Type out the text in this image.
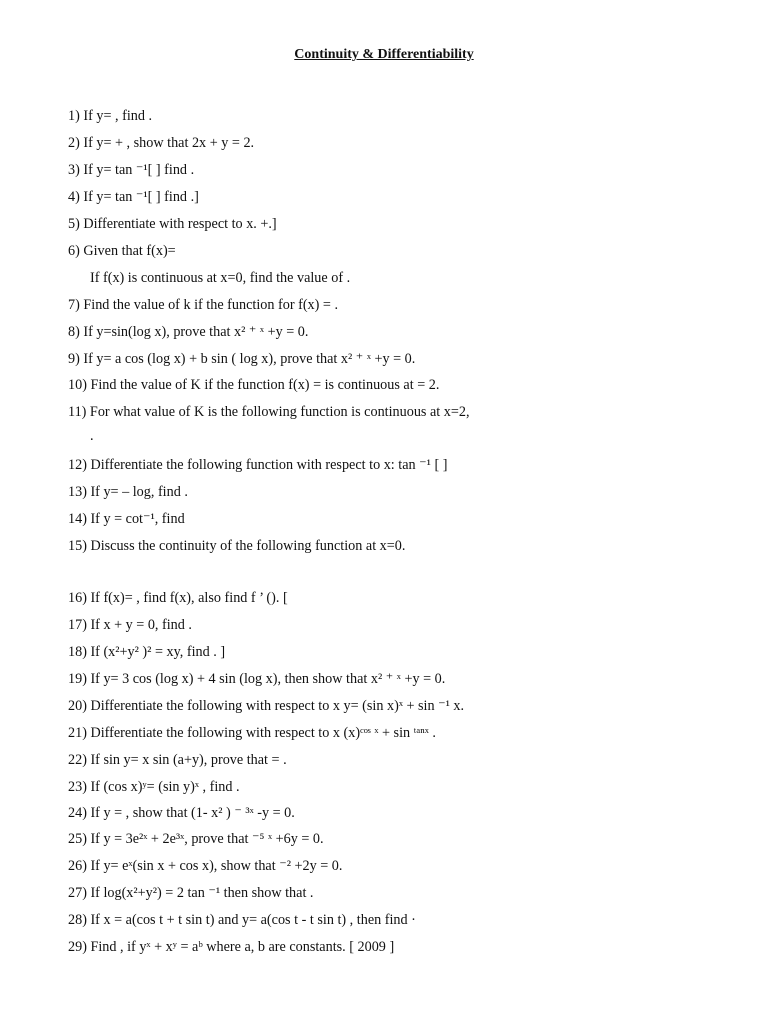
Continuity & Differentiability
1) If y= , find .
2) If y= + , show that 2x + y = 2.
3) If y= tan ⁻¹[ ] find .
4) If y= tan ⁻¹[ ] find .]
5) Differentiate with respect to x. +.]
6) Given that f(x)=
If f(x) is continuous at x=0, find the value of .
7) Find the value of k if the function for f(x) = .
8) If y=sin(log x), prove that x² ⁺ ˣ +y = 0.
9) If y= a cos (log x) + b sin ( log x), prove that x² ⁺ ˣ +y = 0.
10) Find the value of K if the function f(x) = is continuous at = 2.
11) For what value of K is the following function is continuous at x=2,
.
12) Differentiate the following function with respect to x: tan ⁻¹ [ ]
13) If y= – log, find .
14) If y = cot⁻¹, find
15) Discuss the continuity of the following function at x=0.
16) If f(x)= , find f(x), also find f ’ (). [
17) If x + y = 0, find .
18) If (x²+y² )² = xy, find . ]
19) If y= 3 cos (log x) + 4 sin (log x), then show that x² ⁺ ˣ +y = 0.
20) Differentiate the following with respect to x y= (sin x)ˣ + sin ⁻¹ x.
21) Differentiate the following with respect to x (x)ᶜᵒˢ ˣ + sin ᵗᵃⁿˣ .
22) If sin y= x sin (a+y), prove that = .
23) If (cos x)ʸ= (sin y)ˣ , find .
24) If y = , show that (1- x² ) ⁻ ³ˣ -y = 0.
25) If y = 3e²ˣ + 2e³ˣ, prove that ⁻⁵ ˣ +6y = 0.
26) If y= eˣ(sin x + cos x), show that ⁻² +2y = 0.
27) If log(x²+y²) = 2 tan ⁻¹ then show that .
28) If x = a(cos t + t sin t) and y= a(cos t - t sin t) , then find ·
29) Find , if yˣ + xʸ = aᵇ where a, b are constants. [ 2009 ]
